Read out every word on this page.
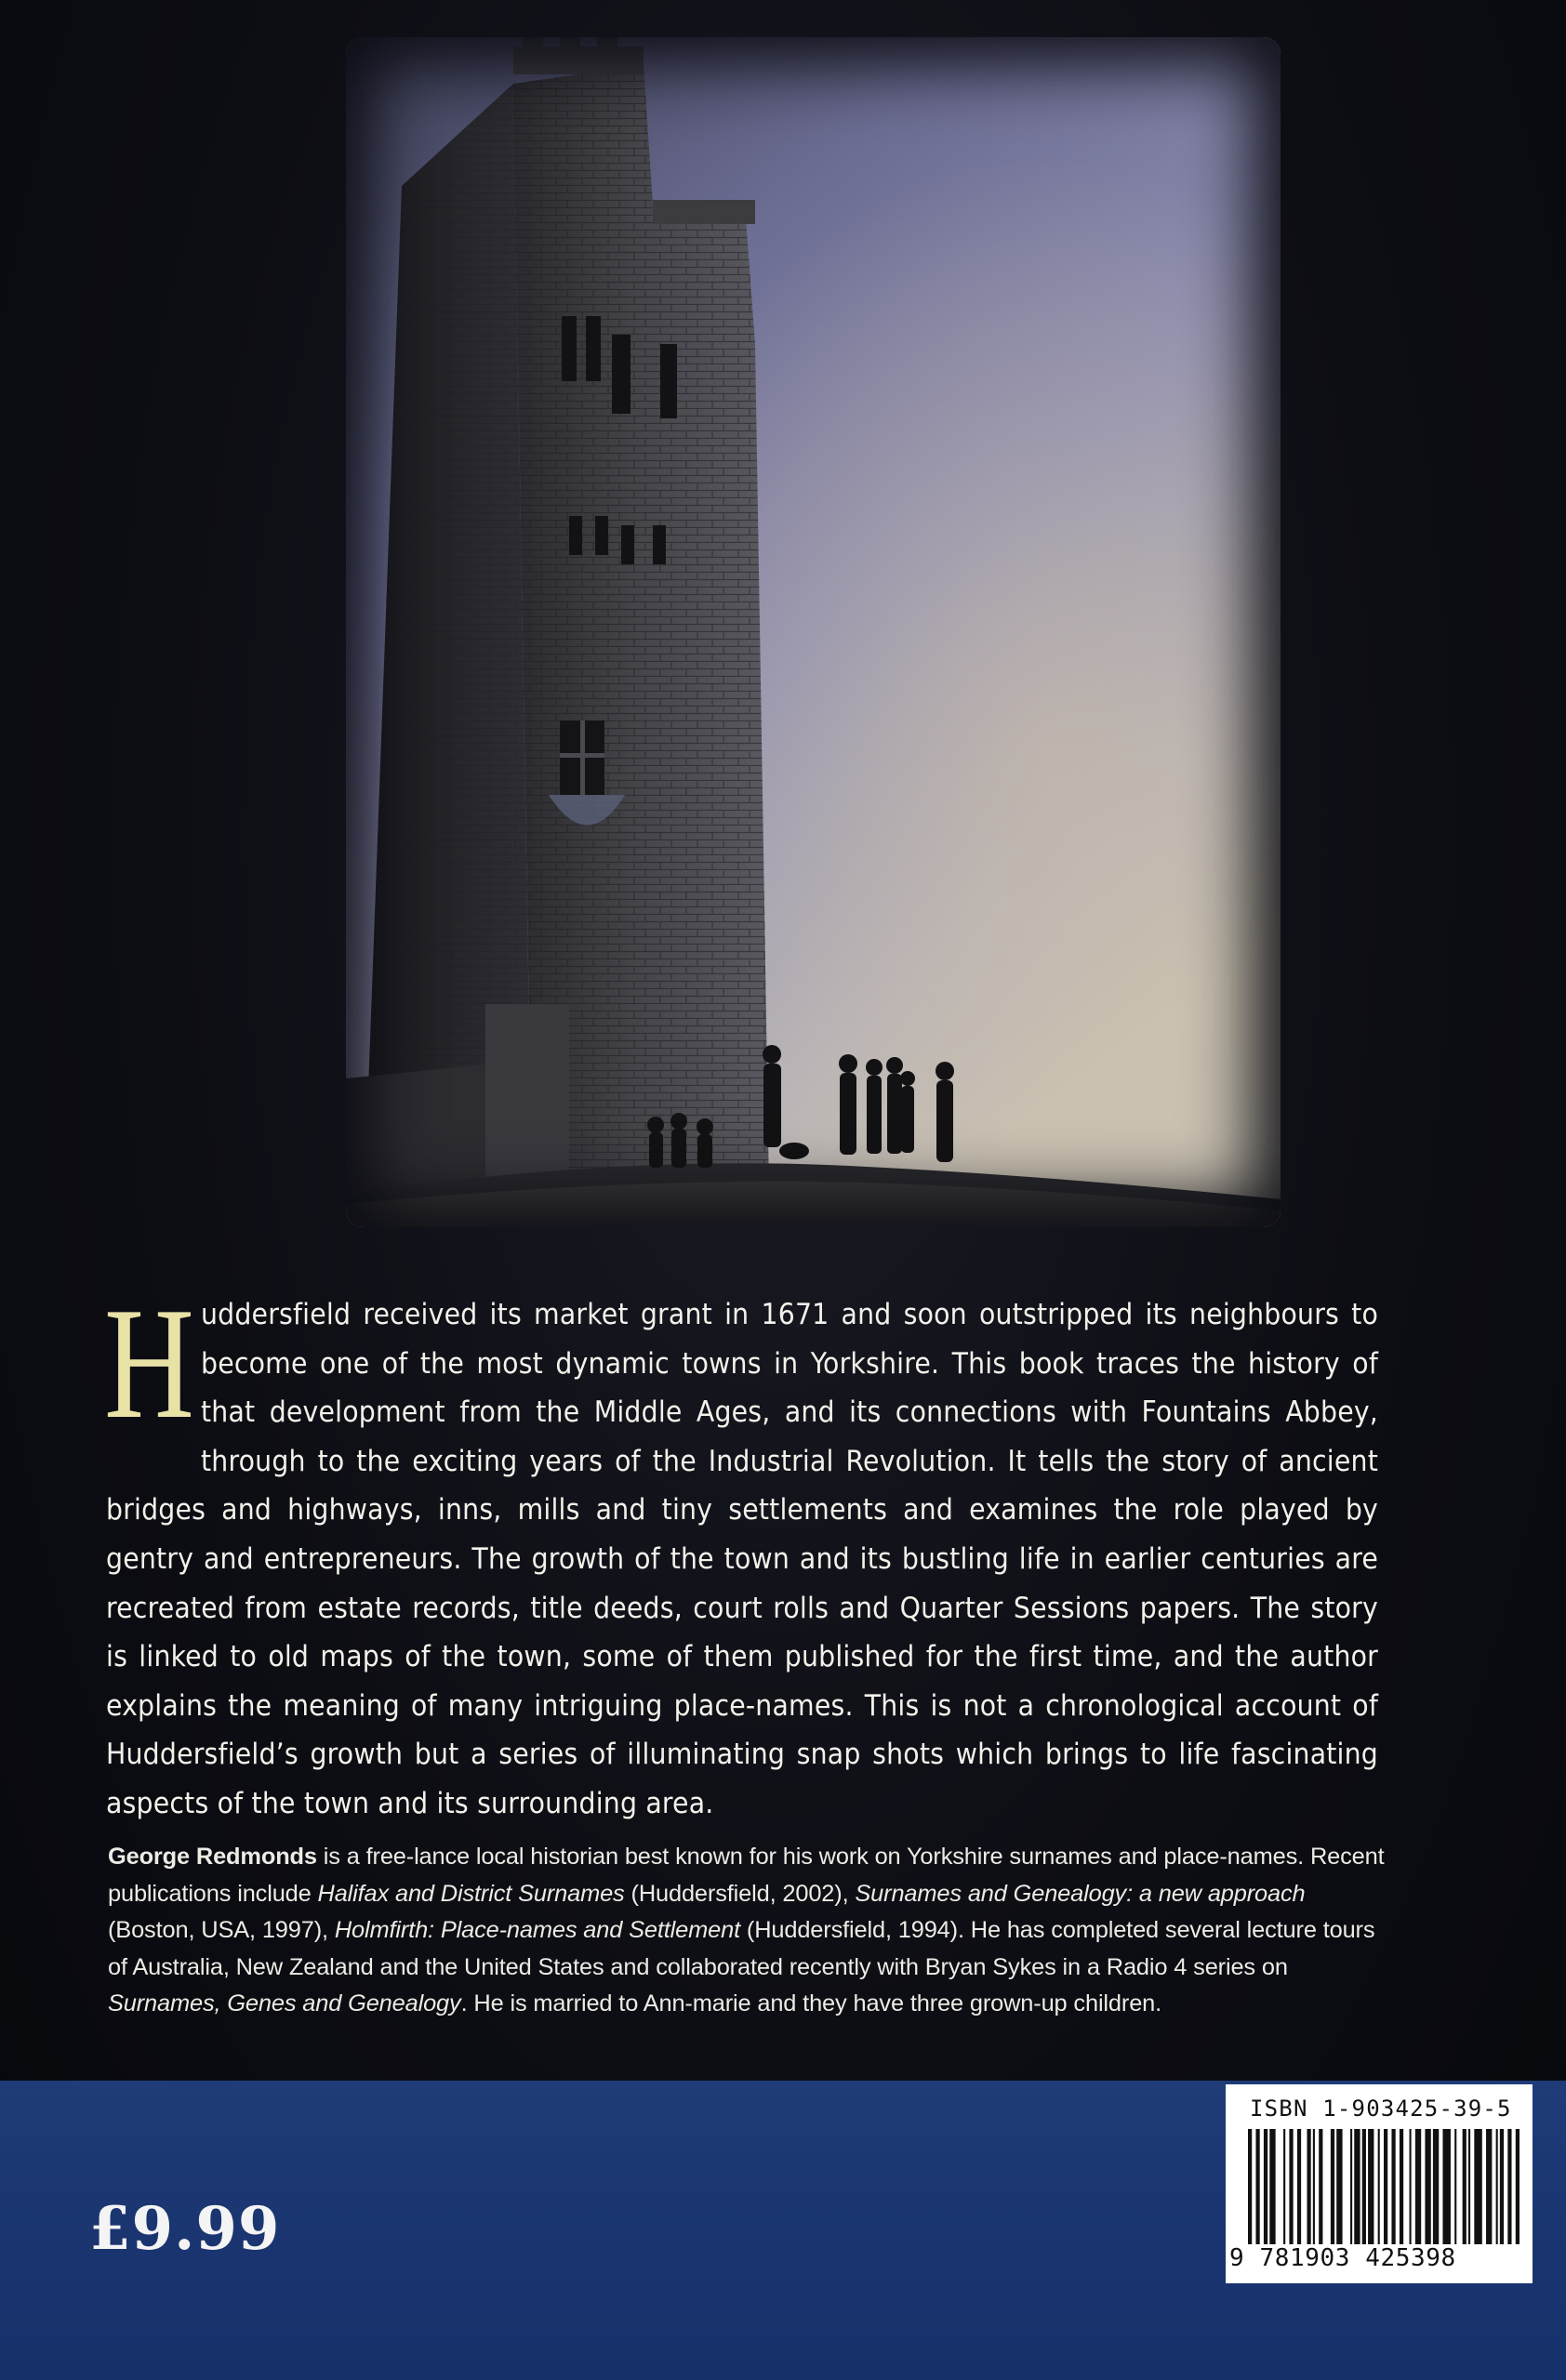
Huddersfield received its market grant in 1671 and soon outstripped its neighbours to become one of the most dynamic towns in Yorkshire. This book traces the history of that development from the Middle Ages, and its connections with Fountains Abbey, through to the exciting years of the Industrial Revolution. It tells the story of ancient bridges and highways, inns, mills and tiny settlements and examines the role played by gentry and entrepreneurs. The growth of the town and its bustling life in earlier centuries are recreated from estate records, title deeds, court rolls and Quarter Sessions papers. The story is linked to old maps of the town, some of them published for the first time, and the author explains the meaning of many intriguing place-names. This is not a chronological account of Huddersfield’s growth but a series of illuminating snap shots which brings to life fascinating aspects of the town and its surrounding area.
George Redmonds is a free-lance local historian best known for his work on Yorkshire surnames and place-names. Recent publications include Halifax and District Surnames (Huddersfield, 2002), Surnames and Genealogy: a new approach (Boston, USA, 1997), Holmfirth: Place-names and Settlement (Huddersfield, 1994). He has completed several lecture tours of Australia, New Zealand and the United States and collaborated recently with Bryan Sykes in a Radio 4 series on Surnames, Genes and Genealogy. He is married to Ann-marie and they have three grown-up children.
£9.99
ISBN 1-903425-39-5
9 781903 425398
